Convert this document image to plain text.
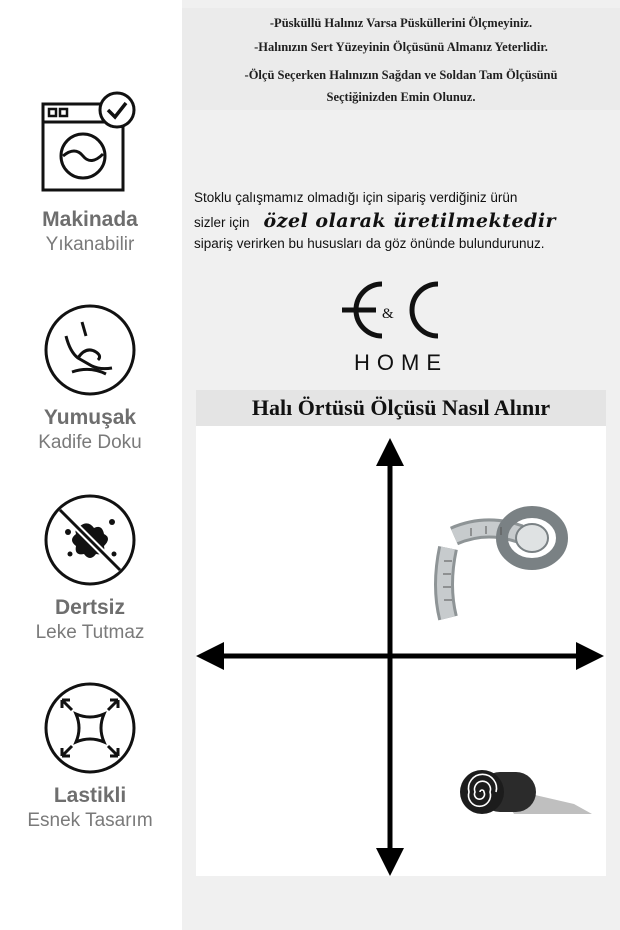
Makinada
Yıkanabilir
Yumuşak
Kadife Doku
Dertsiz
Leke Tutmaz
Lastikli
Esnek Tasarım
-Püsküllü Halınız Varsa Püsküllerini Ölçmeyiniz.
-Halınızın Sert Yüzeyinin Ölçüsünü Almanız Yeterlidir.
-Ölçü Seçerken Halınızın Sağdan ve Soldan Tam Ölçüsünü
Seçtiğinizden Emin Olunuz.
Stoklu çalışmamız olmadığı için sipariş verdiğiniz ürün
sizler için özel olarak üretilmektedir
sipariş verirken bu hususları da göz önünde bulundurunuz.
&
HOME
Halı Örtüsü Ölçüsü Nasıl Alınır
